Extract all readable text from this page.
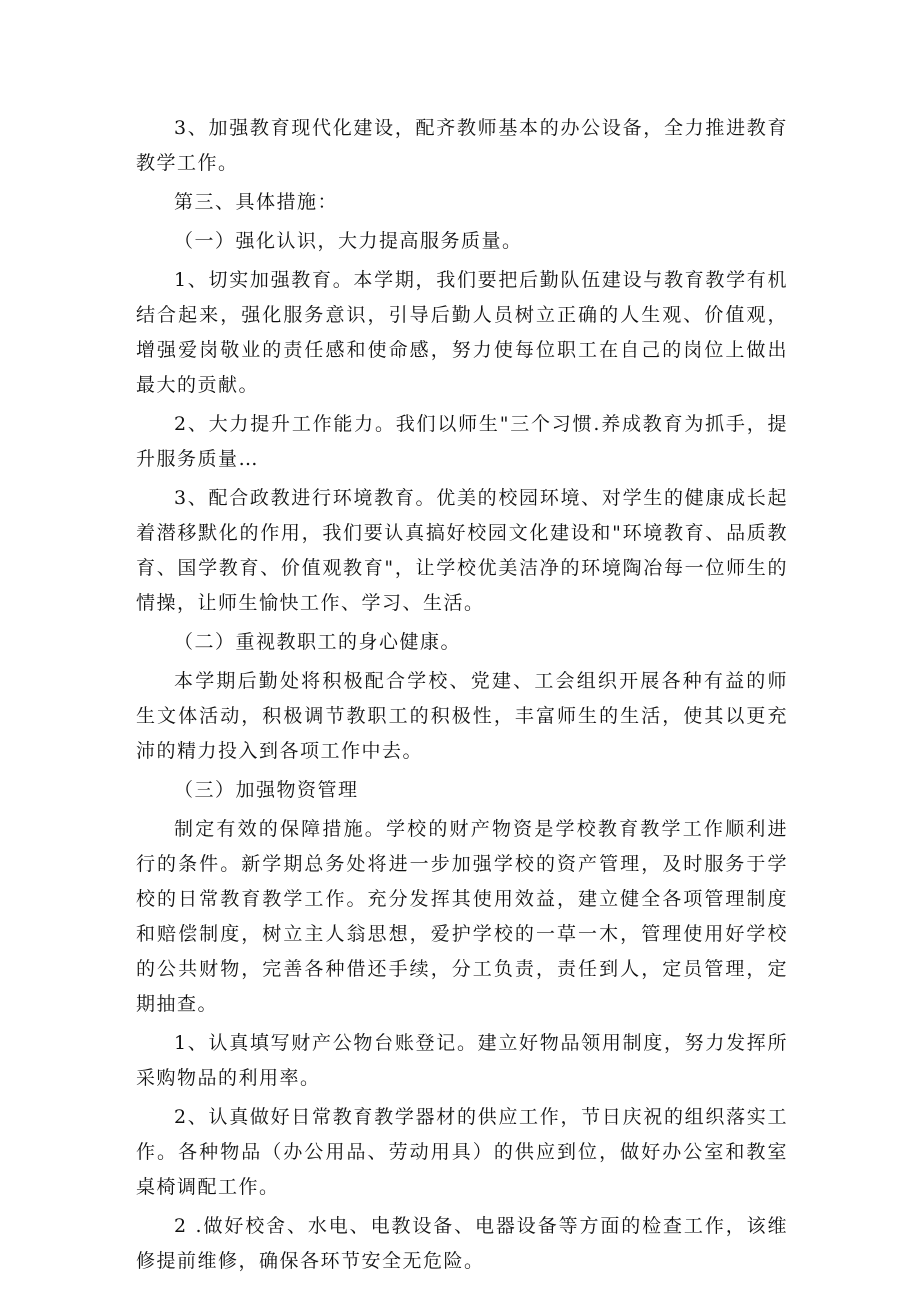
3、加强教育现代化建设，配齐教师基本的办公设备，全力推进教育教学工作。

第三、具体措施：

（一）强化认识，大力提高服务质量。

1、切实加强教育。本学期，我们要把后勤队伍建设与教育教学有机结合起来，强化服务意识，引导后勤人员树立正确的人生观、价值观，增强爱岗敬业的责任感和使命感，努力使每位职工在自己的岗位上做出最大的贡献。

2、大力提升工作能力。我们以师生"三个习惯.养成教育为抓手，提升服务质量…

3、配合政教进行环境教育。优美的校园环境、对学生的健康成长起着潜移默化的作用，我们要认真搞好校园文化建设和"环境教育、品质教育、国学教育、价值观教育"，让学校优美洁净的环境陶冶每一位师生的情操，让师生愉快工作、学习、生活。

（二）重视教职工的身心健康。

本学期后勤处将积极配合学校、党建、工会组织开展各种有益的师生文体活动，积极调节教职工的积极性，丰富师生的生活，使其以更充沛的精力投入到各项工作中去。

（三）加强物资管理

制定有效的保障措施。学校的财产物资是学校教育教学工作顺利进行的条件。新学期总务处将进一步加强学校的资产管理，及时服务于学校的日常教育教学工作。充分发挥其使用效益，建立健全各项管理制度和赔偿制度，树立主人翁思想，爱护学校的一草一木，管理使用好学校的公共财物，完善各种借还手续，分工负责，责任到人，定员管理，定期抽查。

1、认真填写财产公物台账登记。建立好物品领用制度，努力发挥所采购物品的利用率。

2、认真做好日常教育教学器材的供应工作，节日庆祝的组织落实工作。各种物品（办公用品、劳动用具）的供应到位，做好办公室和教室桌椅调配工作。

2 .做好校舍、水电、电教设备、电器设备等方面的检查工作，该维修提前维修，确保各环节安全无危险。
